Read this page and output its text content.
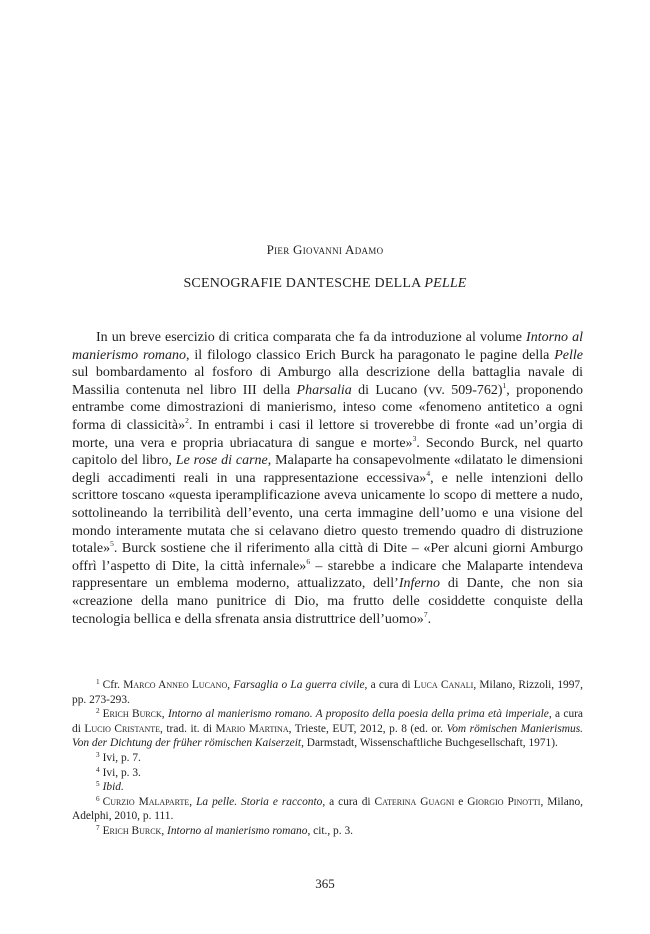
Pier Giovanni Adamo
SCENOGRAFIE DANTESCHE DELLA PELLE

In un breve esercizio di critica comparata che fa da introduzione al volume Intorno al manierismo romano, il filologo classico Erich Burck ha paragonato le pagine della Pelle sul bombardamento al fosforo di Amburgo alla descrizione della battaglia navale di Massilia contenuta nel libro III della Pharsalia di Lucano (vv. 509-762)$^1$, proponendo entrambe come dimostrazioni di manierismo, inteso come «fenomeno antitetico a ogni forma di classicità»$^2$. In entrambi i casi il lettore si troverebbe di fronte «ad un’orgia di morte, una vera e propria ubriacatura di sangue e morte»$^3$. Secondo Burck, nel quarto capitolo del libro, Le rose di carne, Malaparte ha consapevolmente «dilatato le dimensioni degli accadimenti reali in una rappresentazione eccessiva»$^4$, e nelle intenzioni dello scrittore toscano «questa iperamplificazione aveva unicamente lo scopo di mettere a nudo, sottolineando la terribilità dell’evento, una certa immagine dell’uomo e una visione del mondo interamente mutata che si celavano dietro questo tremendo quadro di distruzione totale»$^5$. Burck sostiene che il riferimento alla città di Dite – «Per alcuni giorni Amburgo offrì l’aspetto di Dite, la città infernale»$^6$ – starebbe a indicare che Malaparte intendeva rappresentare un emblema moderno, attualizzato, dell’Inferno di Dante, che non sia «creazione della mano punitrice di Dio, ma frutto delle cosiddette conquiste della tecnologia bellica e della sfrenata ansia distruttrice dell’uomo»$^7$.

$^1$ Cfr. Marco Anneo Lucano, Farsaglia o La guerra civile, a cura di Luca Canali, Milano, Rizzoli, 1997, pp. 273-293.

$^2$ Erich Burck, Intorno al manierismo romano. A proposito della poesia della prima età imperiale, a cura di Lucio Cristante, trad. it. di Mario Martina, Trieste, EUT, 2012, p. 8 (ed. or. Vom römischen Manierismus. Von der Dichtung der früher römischen Kaiserzeit, Darmstadt, Wissenschaftliche Buchgesellschaft, 1971).

$^3$ Ivi, p. 7.

$^4$ Ivi, p. 3.

$^5$ Ibid.

$^6$ Curzio Malaparte, La pelle. Storia e racconto, a cura di Caterina Guagni e Giorgio Pinotti, Milano, Adelphi, 2010, p. 111.

$^7$ Erich Burck, Intorno al manierismo romano, cit., p. 3.

365
